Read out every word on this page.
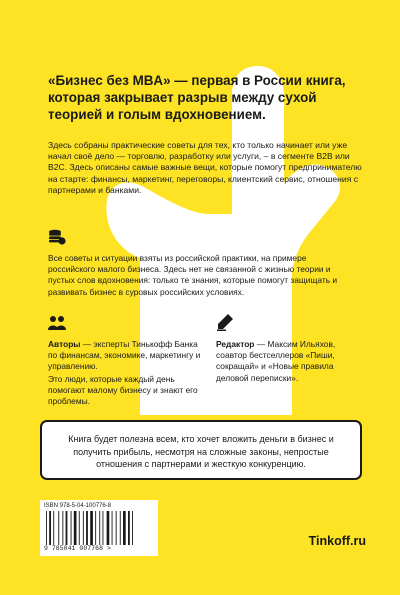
«Бизнес без MBA» — первая в России книга, которая закрывает разрыв между сухой теорией и голым вдохновением.
Здесь собраны практические советы для тех, кто только начинает или уже начал своё дело — торговлю, разработку или услуги, – в сегменте B2B или B2C. Здесь описаны самые важные вещи, которые помогут предпринимателю на старте: финансы, маркетинг, переговоры, клиентский сервис, отношения с партнерами и банками.
Все советы и ситуации взяты из российской практики, на примере российского малого бизнеса. Здесь нет не связанной с жизнью теории и пустых слов вдохновения: только те знания, которые помогут защищать и развивать бизнес в суровых российских условиях.
Авторы — эксперты Тинькофф Банка по финансам, экономике, маркетингу и управлению.
Это люди, которые каждый день помогают малому бизнесу и знают его проблемы.
Редактор — Максим Ильяхов, соавтор бестселлеров «Пиши, сокращай» и «Новые правила деловой переписки».
Книга будет полезна всем, кто хочет вложить деньги в бизнес и получить прибыль, несмотря на сложные законы, непростые отношения с партнерами и жесткую конкуренцию.
ISBN 978-5-04-100776-8
9 785041 007768 >
Tinkoff.ru
